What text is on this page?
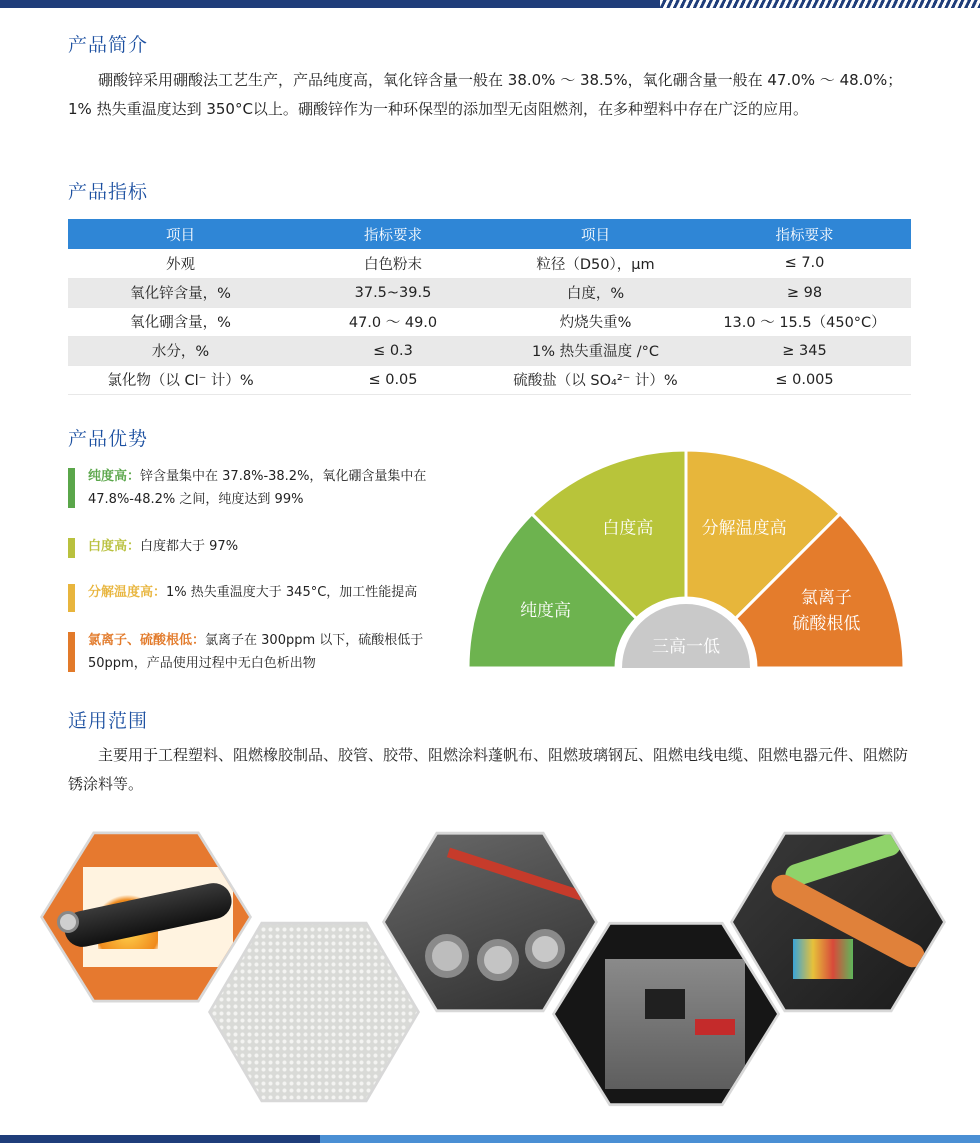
产品简介

硼酸锌采用硼酸法工艺生产，产品纯度高，氧化锌含量一般在 38.0% ～ 38.5%，氧化硼含量一般在 47.0% ～ 48.0%；1% 热失重温度达到 350°C以上。硼酸锌作为一种环保型的添加型无卤阻燃剂，在多种塑料中存在广泛的应用。

产品指标
项目	指标要求	项目	指标要求
外观	白色粉末	粒径（D50），μm	≤ 7.0
氧化锌含量，%	37.5~39.5	白度，%	≥ 98
氧化硼含量，%	47.0 ～ 49.0	灼烧失重%	13.0 ～ 15.5（450°C）
水分，%	≤ 0.3	1% 热失重温度 /°C	≥ 345
氯化物（以 Cl⁻ 计）%	≤ 0.05	硫酸盐（以 SO₄²⁻ 计）%	≤ 0.005
产品优势
纯度高：锌含量集中在 37.8%-38.2%，氧化硼含量集中在 47.8%-48.2% 之间，纯度达到 99%
白度高：白度都大于 97%
分解温度高：1% 热失重温度大于 345°C，加工性能提高
氯离子、硫酸根低：氯离子在 300ppm 以下，硫酸根低于 50ppm，产品使用过程中无白色析出物
纯度高
白度高	分解温度高
氯离子硫酸根低
三高一低
适用范围

主要用于工程塑料、阻燃橡胶制品、胶管、胶带、阻燃涂料蓬帆布、阻燃玻璃钢瓦、阻燃电线电缆、阻燃电器元件、阻燃防锈涂料等。
